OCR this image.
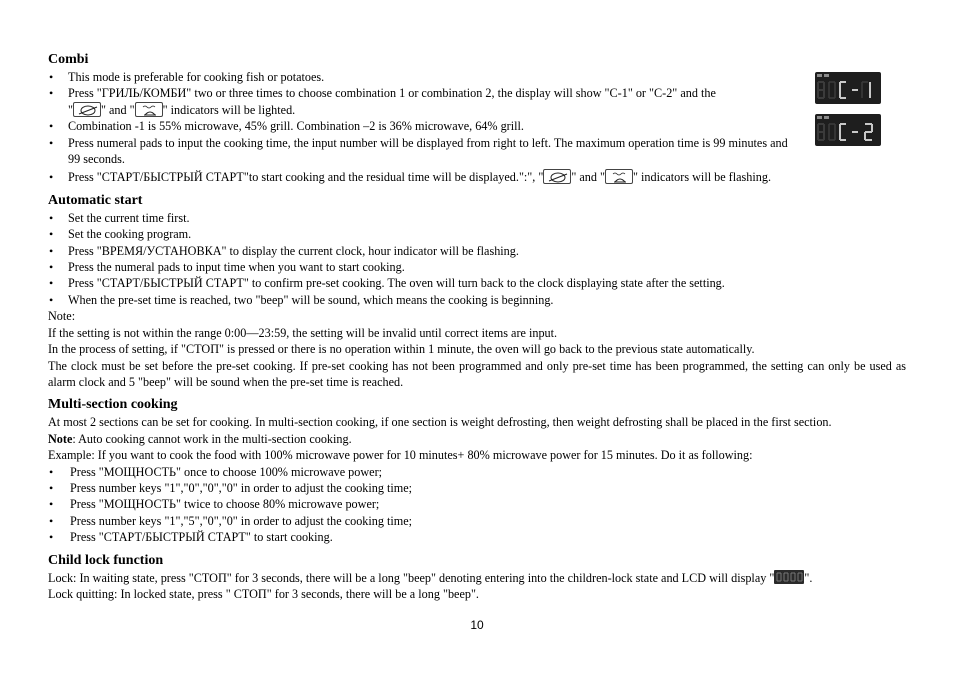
Combi
• This mode is preferable for cooking fish or potatoes.
• Press "ГРИЛЬ/КОМБИ" two or three times to choose combination 1 or combination 2, the display will show "C-1" or "C-2" and the
" " and " " indicators will be lighted.
• Combination -1 is 55% microwave, 45% grill. Combination –2 is 36% microwave, 64% grill.
• Press numeral pads to input the cooking time, the input number will be displayed from right to left. The maximum operation time is 99 minutes and 99 seconds.
• Press "СТАРТ/БЫСТРЫЙ СТАРТ"to start cooking and the residual time will be displayed.":", " " and " " indicators will be flashing.
Automatic start
• Set the current time first.
• Set the cooking program.
• Press "ВРЕМЯ/УСТАНОВКА" to display the current clock, hour indicator will be flashing.
• Press the numeral pads to input time when you want to start cooking.
• Press "СТАРТ/БЫСТРЫЙ СТАРТ" to confirm pre-set cooking. The oven will turn back to the clock displaying state after the setting.
• When the pre-set time is reached, two "beep" will be sound, which means the cooking is beginning.

Note:

If the setting is not within the range 0:00—23:59, the setting will be invalid until correct items are input.

In the process of setting, if "СТОП" is pressed or there is no operation within 1 minute, the oven will go back to the previous state automatically.

The clock must be set before the pre-set cooking. If pre-set cooking has not been programmed and only pre-set time has been programmed, the setting can only be used as alarm clock and 5 "beep" will be sound when the pre-set time is reached.

Multi-section cooking

At most 2 sections can be set for cooking. In multi-section cooking, if one section is weight defrosting, then weight defrosting shall be placed in the first section.

Note: Auto cooking cannot work in the multi-section cooking.

Example: If you want to cook the food with 100% microwave power for 10 minutes+ 80% microwave power for 15 minutes. Do it as following:

• Press "МОЩНОСТЬ" once to choose 100% microwave power;
• Press number keys "1","0","0","0" in order to adjust the cooking time;
• Press "МОЩНОСТЬ" twice to choose 80% microwave power;
• Press number keys "1","5","0","0" in order to adjust the cooking time;
• Press "СТАРТ/БЫСТРЫЙ СТАРТ" to start cooking.
Child lock function

Lock: In waiting state, press "СТОП" for 3 seconds, there will be a long "beep" denoting entering into the children-lock state and LCD will display " ".

Lock quitting: In locked state, press " СТОП" for 3 seconds, there will be a long "beep".

10
